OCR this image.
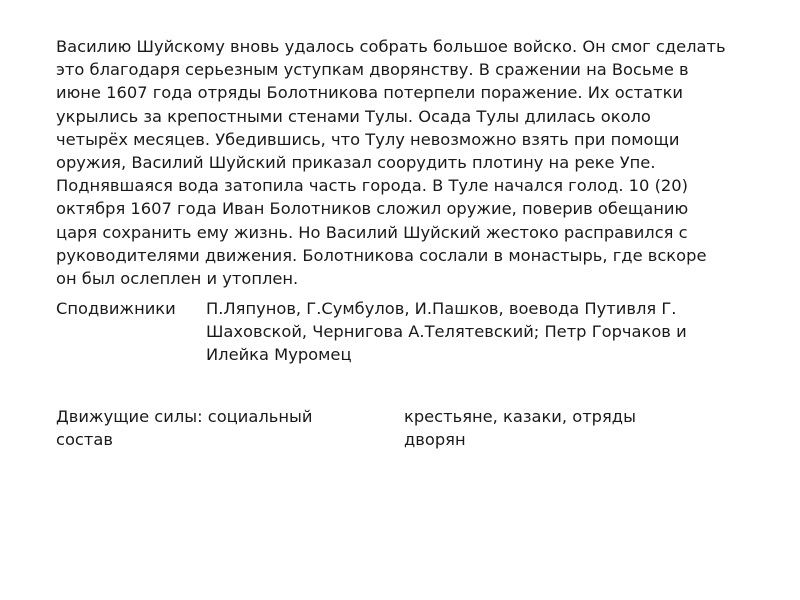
Василию Шуйскому вновь удалось собрать большое войско. Он смог сделать это благодаря серьезным уступкам дворянству. В сражении на Восьме в июне 1607 года отряды Болотникова потерпели поражение. Их остатки укрылись за крепостными стенами Тулы. Осада Тулы длилась около четырёх месяцев. Убедившись, что Тулу невозможно взять при помощи оружия, Василий Шуйский приказал соорудить плотину на реке Упе. Поднявшаяся вода затопила часть города. В Туле начался голод. 10 (20) октября 1607 года Иван Болотников сложил оружие, поверив обещанию царя сохранить ему жизнь. Но Василий Шуйский жестоко расправился с руководителями движения. Болотникова сослали в монастырь, где вскоре он был ослеплен и утоплен.

Сподвижники П.Ляпунов, Г.Сумбулов, И.Пашков, воевода Путивля Г. Шаховской, Чернигова А.Телятевский; Петр Горчаков и Илейка Муромец
Движущие силы: социальный состав
крестьяне, казаки, отряды дворян
